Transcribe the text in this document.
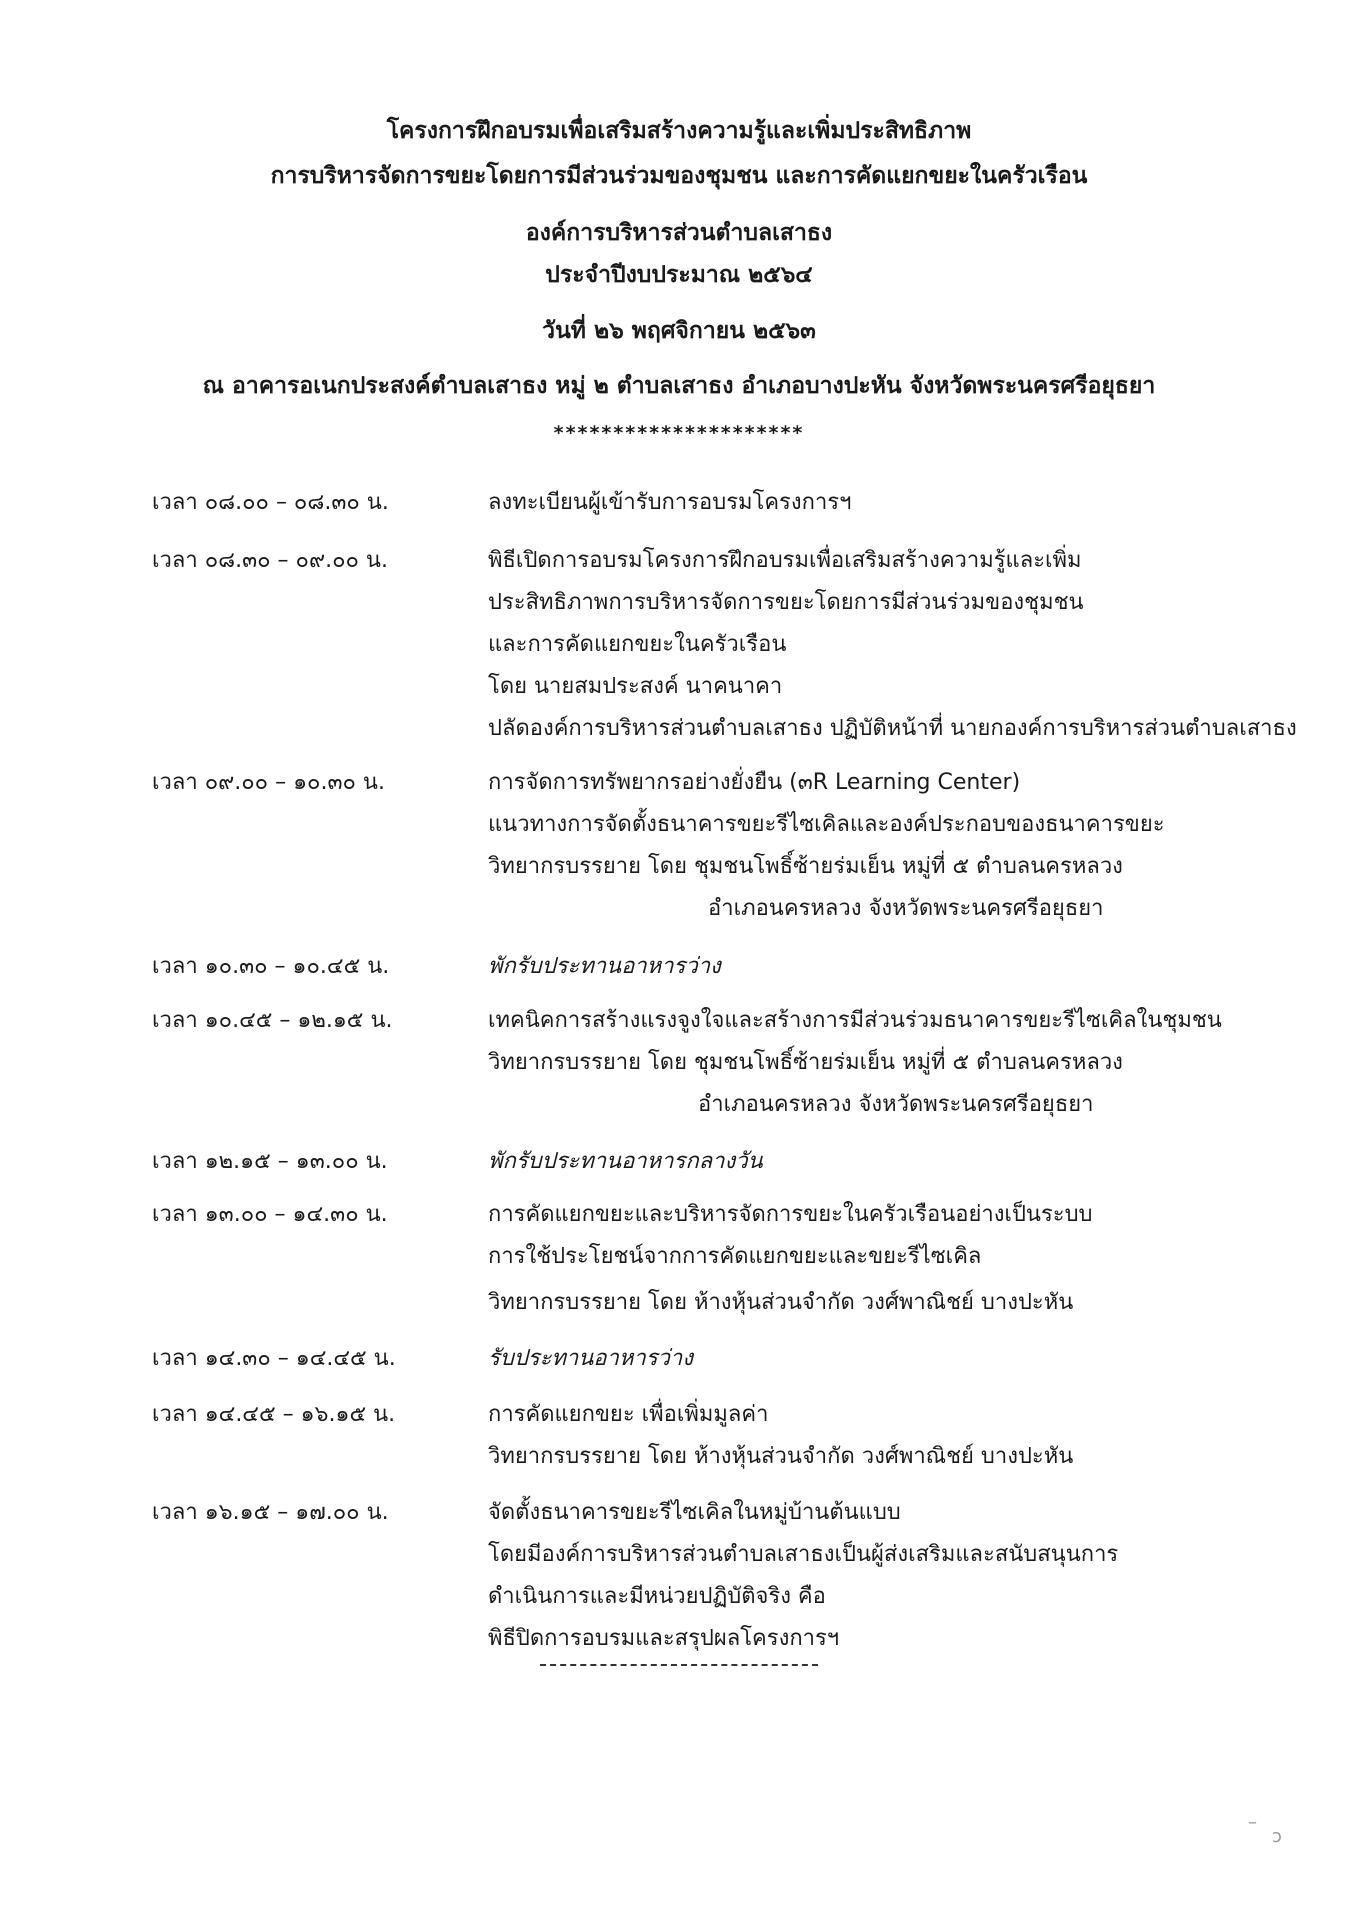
โครงการฝึกอบรมเพื่อเสริมสร้างความรู้และเพิ่มประสิทธิภาพ
การบริหารจัดการขยะโดยการมีส่วนร่วมของชุมชน และการคัดแยกขยะในครัวเรือน
องค์การบริหารส่วนตำบลเสาธง
ประจำปีงบประมาณ ๒๕๖๔
วันที่ ๒๖ พฤศจิกายน ๒๕๖๓
ณ อาคารอเนกประสงค์ตำบลเสาธง หมู่ ๒ ตำบลเสาธง อำเภอบางปะหัน จังหวัดพระนครศรีอยุธยา
*********************
เวลา ๐๘.๐๐ – ๐๘.๓๐ น.	ลงทะเบียนผู้เข้ารับการอบรมโครงการฯ
เวลา ๐๘.๓๐ – ๐๙.๐๐ น.	พิธีเปิดการอบรมโครงการฝึกอบรมเพื่อเสริมสร้างความรู้และเพิ่ม
ประสิทธิภาพการบริหารจัดการขยะโดยการมีส่วนร่วมของชุมชน
และการคัดแยกขยะในครัวเรือน
โดย นายสมประสงค์ นาคนาคา
ปลัดองค์การบริหารส่วนตำบลเสาธง ปฏิบัติหน้าที่ นายกองค์การบริหารส่วนตำบลเสาธง
เวลา ๐๙.๐๐ – ๑๐.๓๐ น.	การจัดการทรัพยากรอย่างยั่งยืน (๓R Learning Center)
แนวทางการจัดตั้งธนาคารขยะรีไซเคิลและองค์ประกอบของธนาคารขยะ
วิทยากรบรรยาย โดย ชุมชนโพธิ์ซ้ายร่มเย็น หมู่ที่ ๕ ตำบลนครหลวง
อำเภอนครหลวง จังหวัดพระนครศรีอยุธยา
เวลา ๑๐.๓๐ – ๑๐.๔๕ น.	พักรับประทานอาหารว่าง
เวลา ๑๐.๔๕ – ๑๒.๑๕ น.	เทคนิคการสร้างแรงจูงใจและสร้างการมีส่วนร่วมธนาคารขยะรีไซเคิลในชุมชน
วิทยากรบรรยาย โดย ชุมชนโพธิ์ซ้ายร่มเย็น หมู่ที่ ๕ ตำบลนครหลวง
อำเภอนครหลวง จังหวัดพระนครศรีอยุธยา
เวลา ๑๒.๑๕ – ๑๓.๐๐ น.	พักรับประทานอาหารกลางวัน
เวลา ๑๓.๐๐ – ๑๔.๓๐ น.	การคัดแยกขยะและบริหารจัดการขยะในครัวเรือนอย่างเป็นระบบ
การใช้ประโยชน์จากการคัดแยกขยะและขยะรีไซเคิล
วิทยากรบรรยาย โดย ห้างหุ้นส่วนจำกัด วงศ์พาณิชย์ บางปะหัน
เวลา ๑๔.๓๐ – ๑๔.๔๕ น.	รับประทานอาหารว่าง
เวลา ๑๔.๔๕ – ๑๖.๑๕ น.	การคัดแยกขยะ เพื่อเพิ่มมูลค่า
วิทยากรบรรยาย โดย ห้างหุ้นส่วนจำกัด วงศ์พาณิชย์ บางปะหัน
เวลา ๑๖.๑๕ – ๑๗.๐๐ น.	จัดตั้งธนาคารขยะรีไซเคิลในหมู่บ้านต้นแบบ
โดยมีองค์การบริหารส่วนตำบลเสาธงเป็นผู้ส่งเสริมและสนับสนุนการ
ดำเนินการและมีหน่วยปฏิบัติจริง คือ
พิธีปิดการอบรมและสรุปผลโครงการฯ
–
ↄ
